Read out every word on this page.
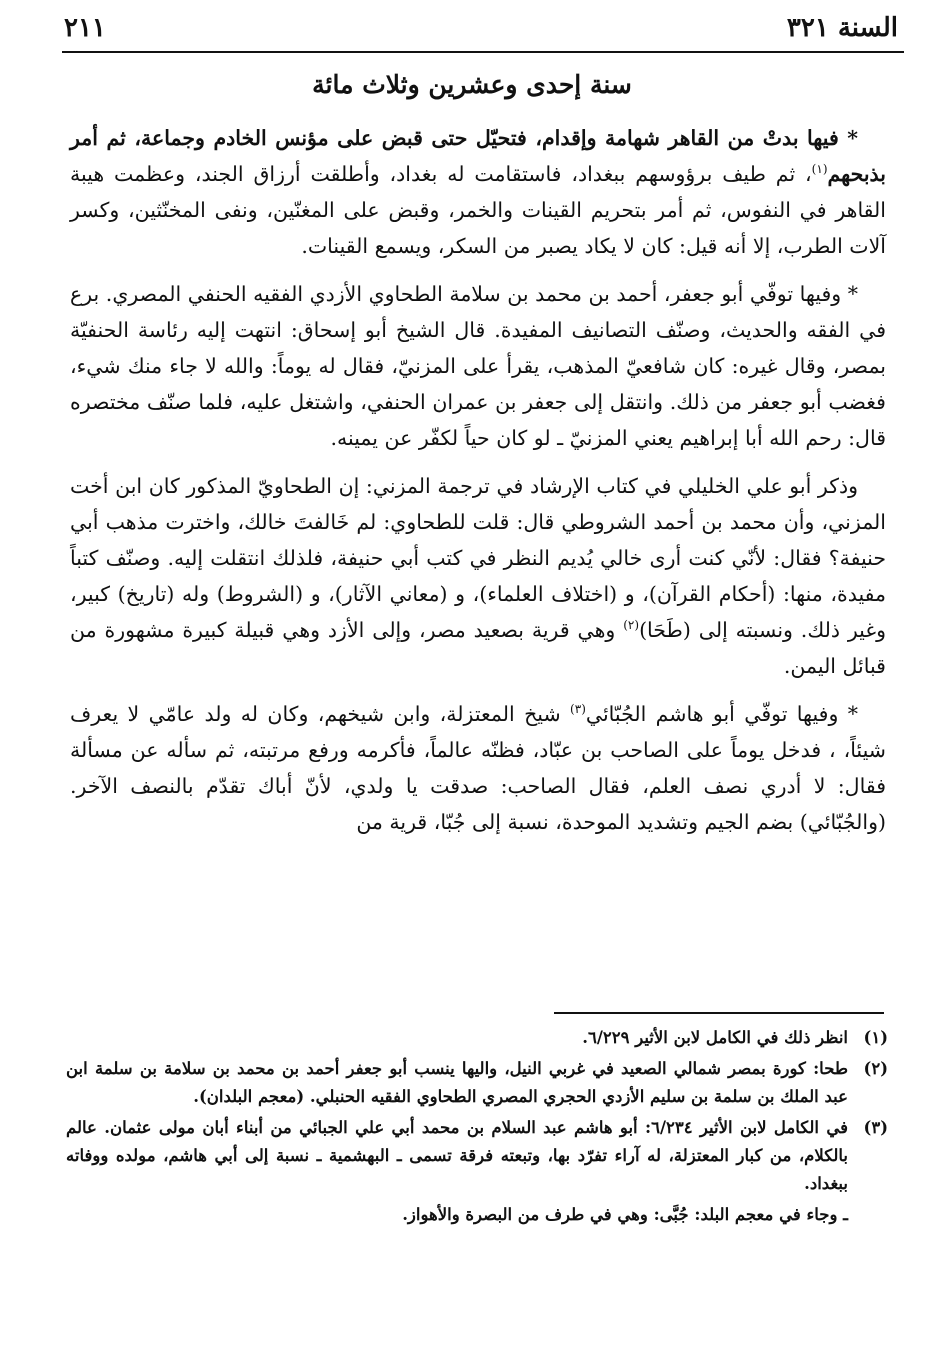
السنة ٣٢١
٢١١
سنة إحدى وعشرين وثلاث مائة

* فيها بدتْ من القاهر شهامة وإقدام، فتحيّل حتى قبض على مؤنس الخادم وجماعة، ثم أمر بذبحهم$^{(١)}$، ثم طيف برؤوسهم ببغداد، فاستقامت له بغداد، وأطلقت أرزاق الجند، وعظمت هيبة القاهر في النفوس، ثم أمر بتحريم القينات والخمر، وقبض على المغنّين، ونفى المخنّثين، وكسر آلات الطرب، إلا أنه قيل: كان لا يكاد يصبر من السكر، ويسمع القينات.

* وفيها توفّي أبو جعفر، أحمد بن محمد بن سلامة الطحاوي الأزدي الفقيه الحنفي المصري. برع في الفقه والحديث، وصنّف التصانيف المفيدة. قال الشيخ أبو إسحاق: انتهت إليه رئاسة الحنفيّة بمصر، وقال غيره: كان شافعيّ المذهب، يقرأ على المزنيّ، فقال له يوماً: والله لا جاء منك شيء، فغضب أبو جعفر من ذلك. وانتقل إلى جعفر بن عمران الحنفي، واشتغل عليه، فلما صنّف مختصره قال: رحم الله أبا إبراهيم يعني المزنيّ ـ لو كان حياً لكفّر عن يمينه.

وذكر أبو علي الخليلي في كتاب الإرشاد في ترجمة المزني: إن الطحاويّ المذكور كان ابن أخت المزني، وأن محمد بن أحمد الشروطي قال: قلت للطحاوي: لم خَالفتَ خالك، واخترت مذهب أبي حنيفة؟ فقال: لأنّي كنت أرى خالي يُديم النظر في كتب أبي حنيفة، فلذلك انتقلت إليه. وصنّف كتباً مفيدة، منها: (أحكام القرآن)، و (اختلاف العلماء)، و (معاني الآثار)، و (الشروط) وله (تاريخ) كبير، وغير ذلك. ونسبته إلى (طَحَا)$^{(٢)}$ وهي قرية بصعيد مصر، وإلى الأزد وهي قبيلة كبيرة مشهورة من قبائل اليمن.

* وفيها توفّي أبو هاشم الجُبّائي$^{(٣)}$ شيخ المعتزلة، وابن شيخهم، وكان له ولد عامّي لا يعرف شيئاً، ، فدخل يوماً على الصاحب بن عبّاد، فظنّه عالماً، فأكرمه ورفع مرتبته، ثم سأله عن مسألة فقال: لا أدري نصف العلم، فقال الصاحب: صدقت يا ولدي، لأنّ أباك تقدّم بالنصف الآخر. (والجُبّائي) بضم الجيم وتشديد الموحدة، نسبة إلى جُبّا، قرية من

(١)
انظر ذلك في الكامل لابن الأثير ٦/٢٢٩.
(٢)
طحا: كورة بمصر شمالي الصعيد في غربي النيل، واليها ينسب أبو جعفر أحمد بن محمد بن سلامة بن سلمة ابن عبد الملك بن سلمة بن سليم الأزدي الحجري المصري الطحاوي الفقيه الحنبلي. (معجم البلدان).
(٣)
في الكامل لابن الأثير ٦/٢٣٤: أبو هاشم عبد السلام بن محمد أبي علي الجبائي من أبناء أبان مولى عثمان. عالم بالكلام، من كبار المعتزلة، له آراء تفرّد بها، وتبعته فرقة تسمى ـ البهشمية ـ نسبة إلى أبي هاشم، مولده ووفاته ببغداد.
ـ وجاء في معجم البلد: جُبَّى: وهي في طرف من البصرة والأهواز.
